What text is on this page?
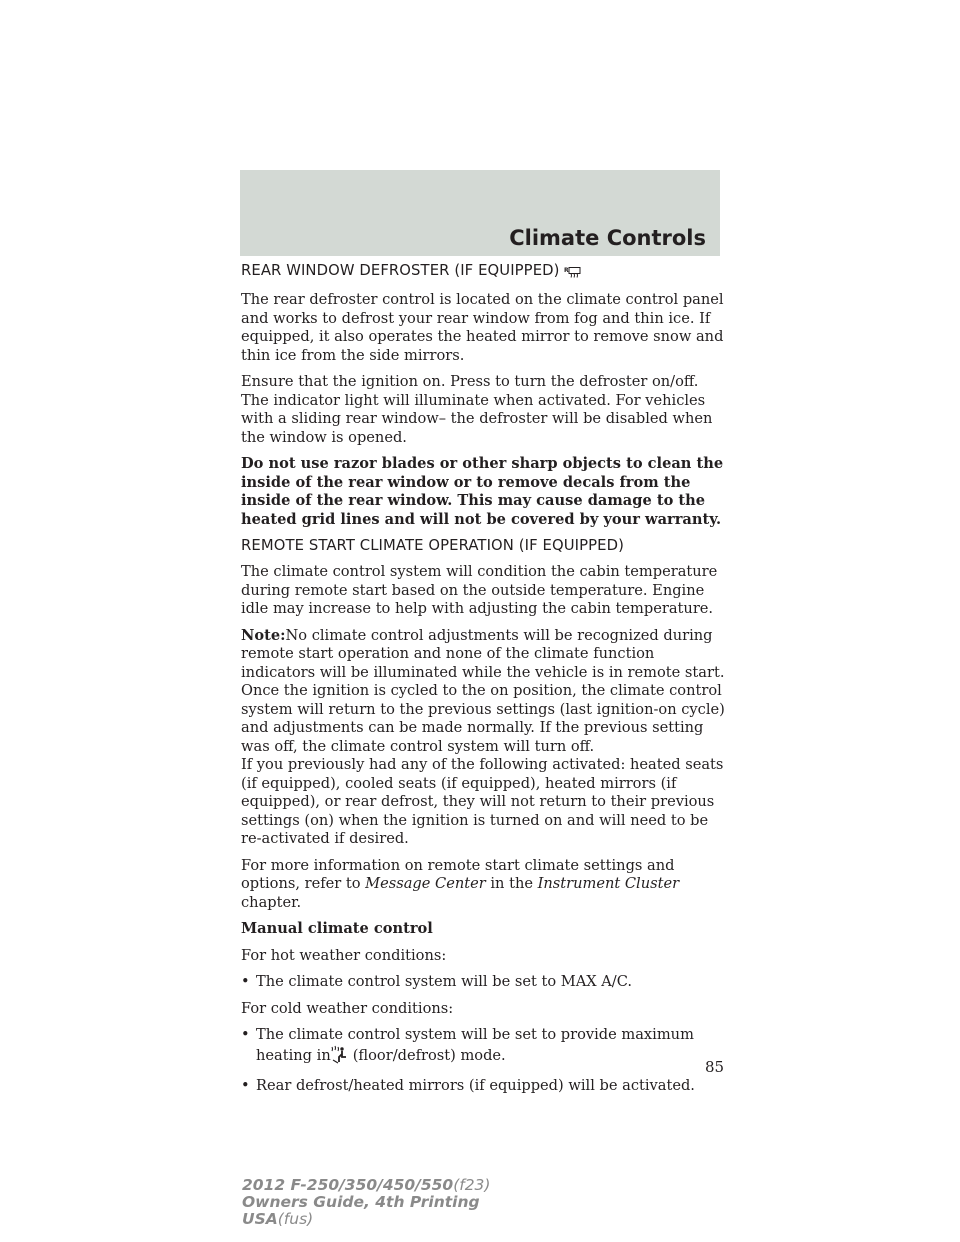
Climate Controls
REAR WINDOW DEFROSTER (IF EQUIPPED) R

The rear defroster control is located on the climate control panel and works to defrost your rear window from fog and thin ice. If equipped, it also operates the heated mirror to remove snow and thin ice from the side mirrors.

Ensure that the ignition on. Press to turn the defroster on/off. The indicator light will illuminate when activated. For vehicles with a sliding rear window– the defroster will be disabled when the window is opened.

Do not use razor blades or other sharp objects to clean the inside of the rear window or to remove decals from the inside of the rear window. This may cause damage to the heated grid lines and will not be covered by your warranty.

REMOTE START CLIMATE OPERATION (IF EQUIPPED)

The climate control system will condition the cabin temperature during remote start based on the outside temperature. Engine idle may increase to help with adjusting the cabin temperature.

Note:No climate control adjustments will be recognized during remote start operation and none of the climate function indicators will be illuminated while the vehicle is in remote start. Once the ignition is cycled to the on position, the climate control system will return to the previous settings (last ignition-on cycle) and adjustments can be made normally. If the previous setting was off, the climate control system will turn off.

If you previously had any of the following activated: heated seats (if equipped), cooled seats (if equipped), heated mirrors (if equipped), or rear defrost, they will not return to their previous settings (on) when the ignition is turned on and will need to be re-activated if desired.

For more information on remote start climate settings and options, refer to Message Center in the Instrument Cluster chapter.

Manual climate control

For hot weather conditions:

• The climate control system will be set to MAX A/C.

For cold weather conditions:

• The climate control system will be set to provide maximum heating in (floor/defrost) mode.
• Rear defrost/heated mirrors (if equipped) will be activated.
85
2012 F-250/350/450/550(f23)
Owners Guide, 4th Printing
USA(fus)
